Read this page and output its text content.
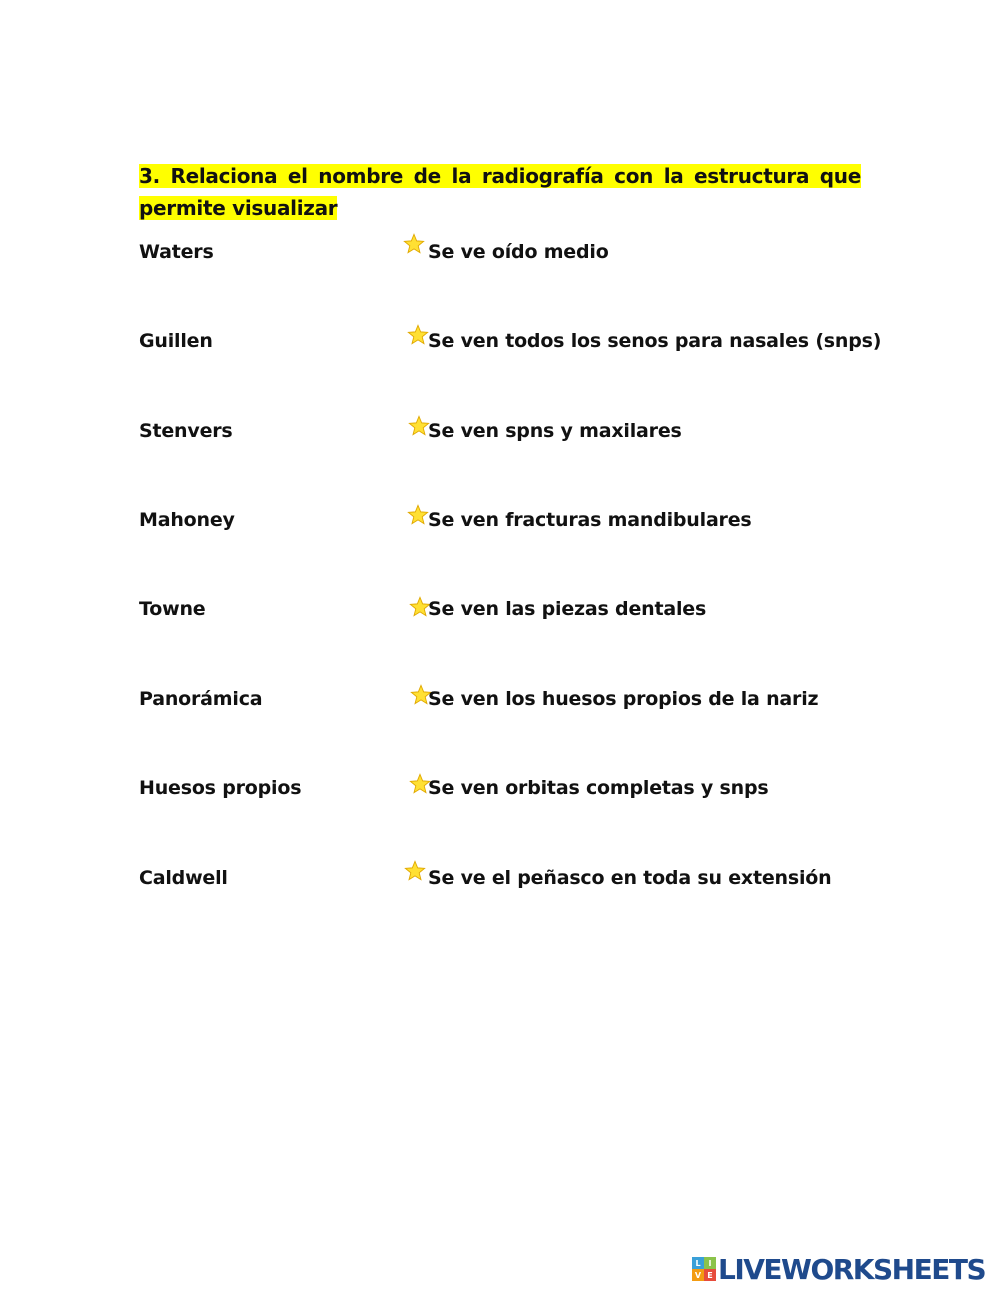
3. Relaciona el nombre de la radiografía con la estructura que permite visualizar
Waters	Se ve oído medio
Guillen	Se ven todos los senos para nasales (snps)
Stenvers	Se ven spns y maxilares
Mahoney	Se ven fracturas mandibulares
Towne	Se ven las piezas dentales
Panorámica	Se ven los huesos propios de la nariz
Huesos propios	Se ven orbitas completas y snps
Caldwell	Se ve el peñasco en toda su extensión
L I
V E LIVEWORKSHEETS
